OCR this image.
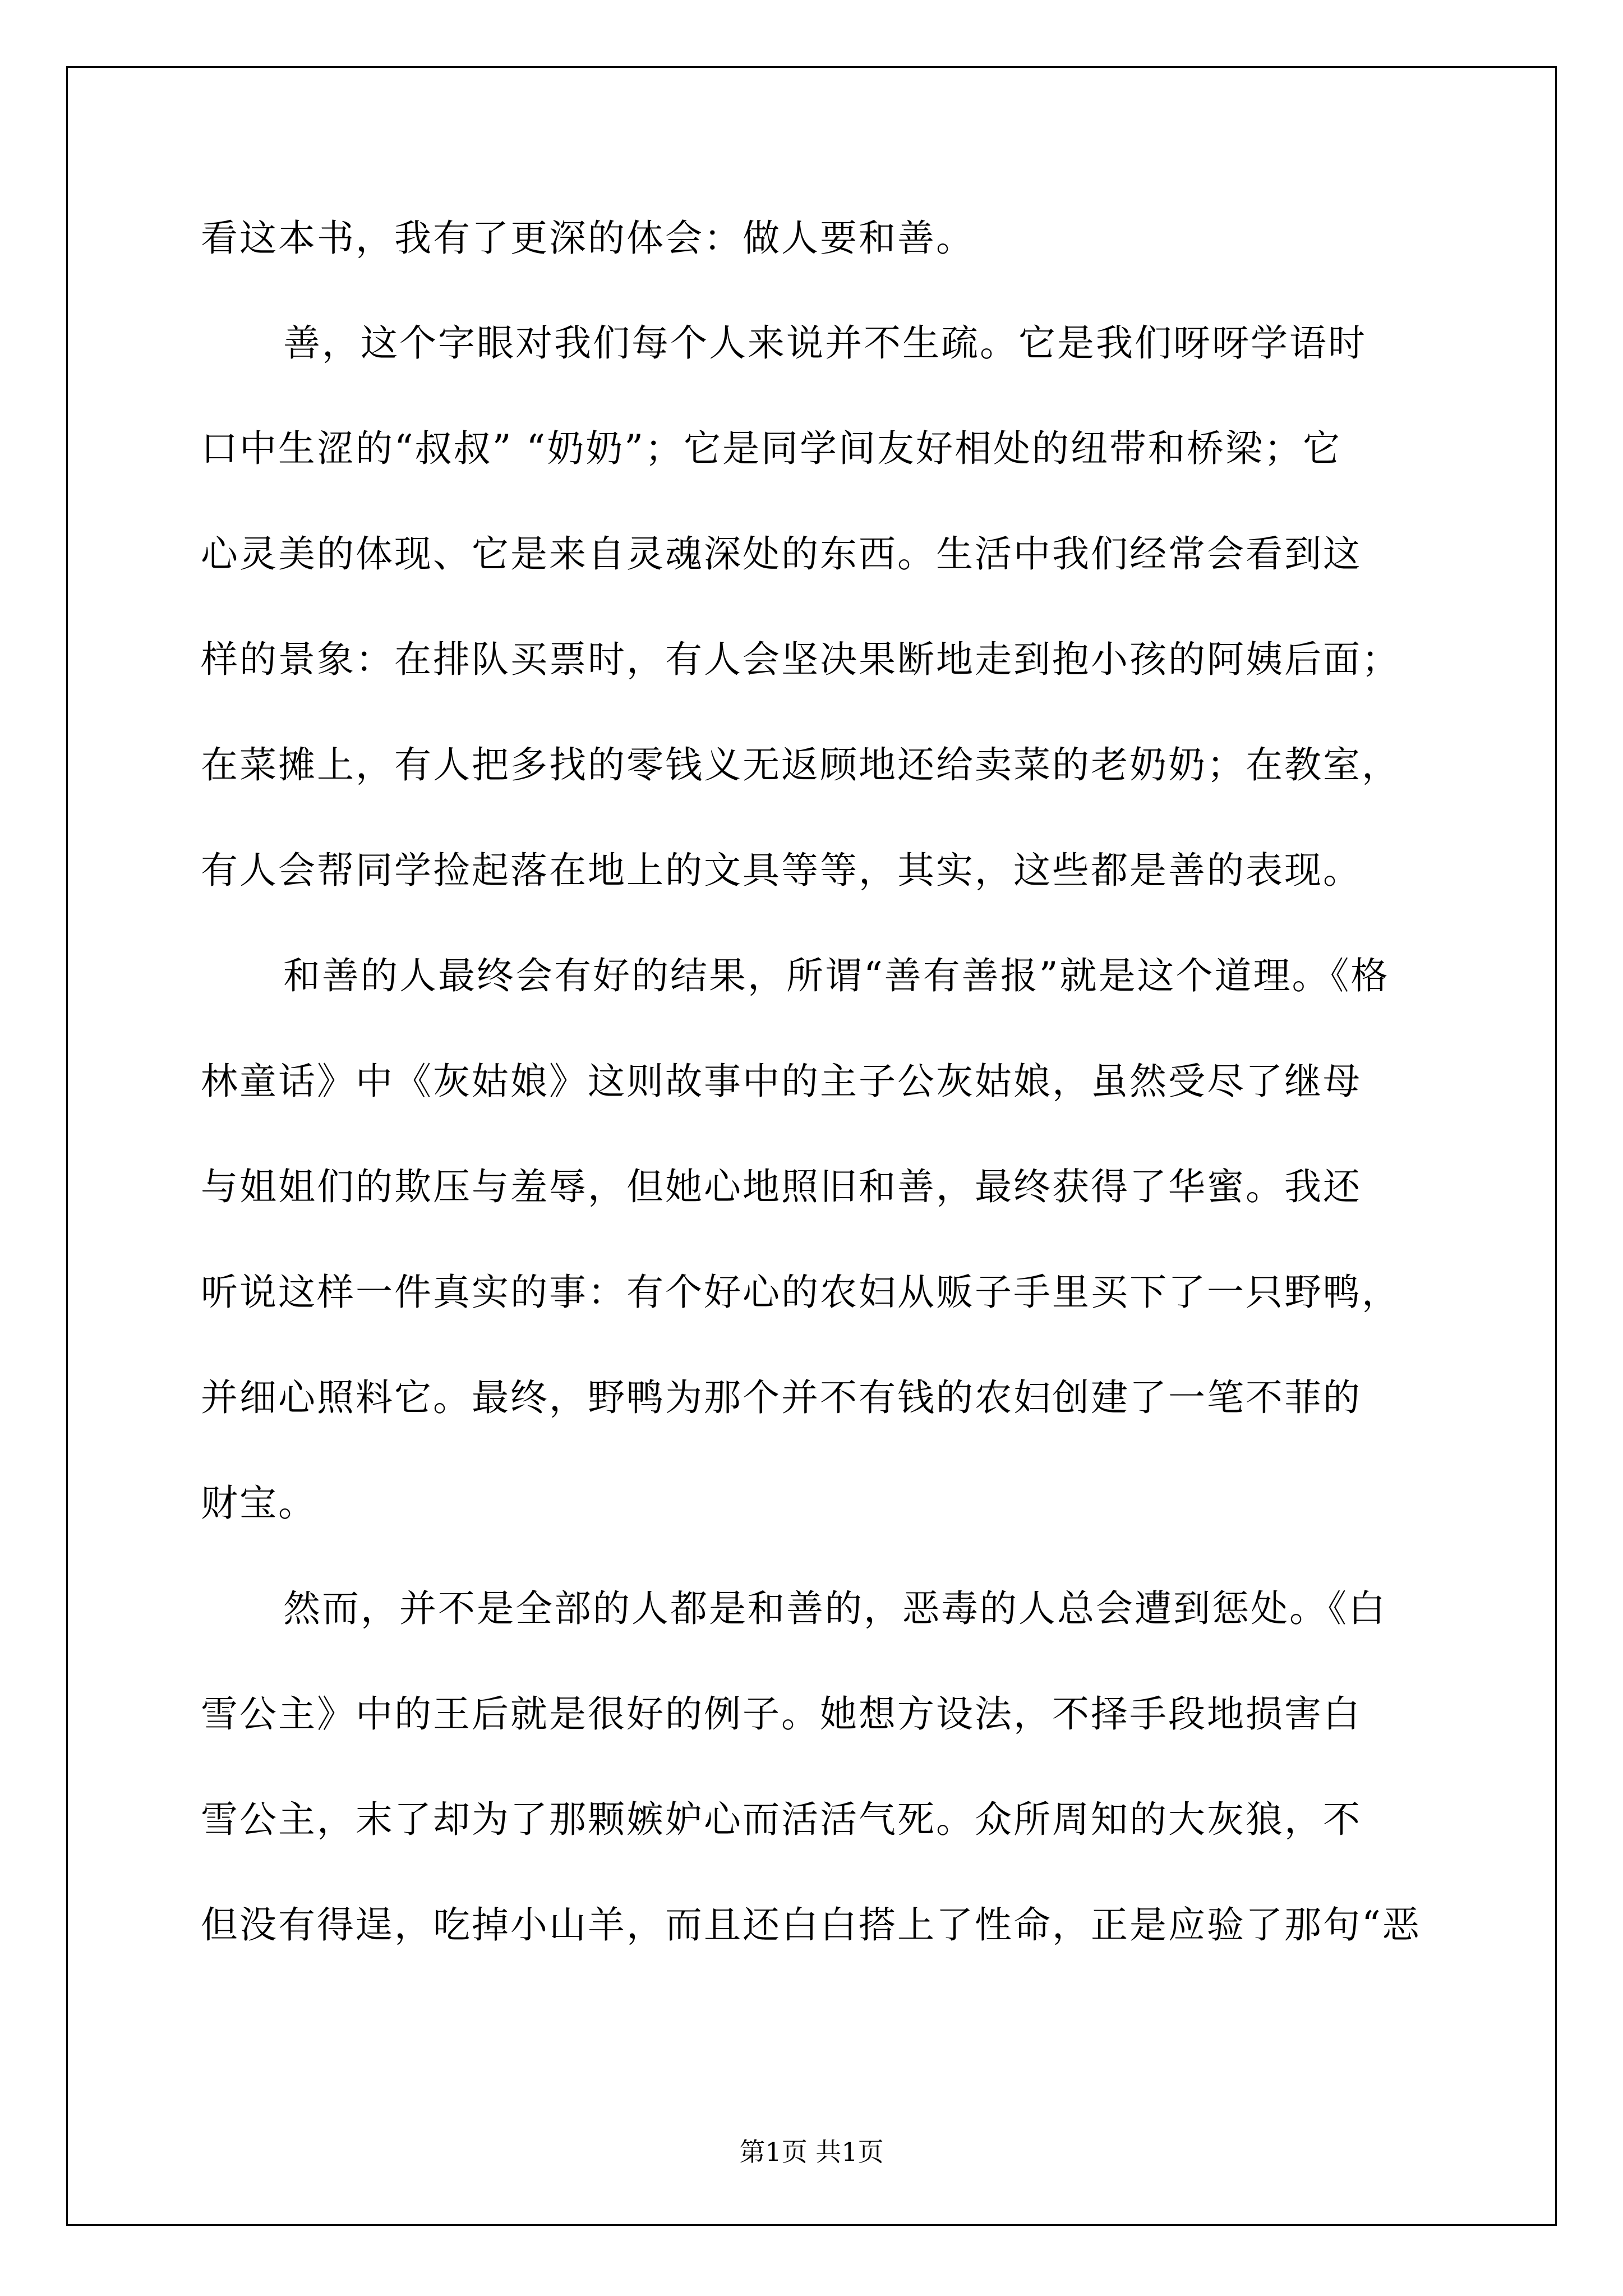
看这本书，我有了更深的体会：做人要和善。
善，这个字眼对我们每个人来说并不生疏。它是我们呀呀学语时
口中生涩的“叔叔” “奶奶”；它是同学间友好相处的纽带和桥梁；它
心灵美的体现、它是来自灵魂深处的东西。生活中我们经常会看到这
样的景象：在排队买票时，有人会坚决果断地走到抱小孩的阿姨后面；
在菜摊上，有人把多找的零钱义无返顾地还给卖菜的老奶奶；在教室，
有人会帮同学捡起落在地上的文具等等，其实，这些都是善的表现。
和善的人最终会有好的结果，所谓“善有善报”就是这个道理。《格
林童话》中《灰姑娘》这则故事中的主子公灰姑娘，虽然受尽了继母
与姐姐们的欺压与羞辱，但她心地照旧和善，最终获得了华蜜。我还
听说这样一件真实的事：有个好心的农妇从贩子手里买下了一只野鸭，
并细心照料它。最终，野鸭为那个并不有钱的农妇创建了一笔不菲的
财宝。
然而，并不是全部的人都是和善的，恶毒的人总会遭到惩处。《白
雪公主》中的王后就是很好的例子。她想方设法，不择手段地损害白
雪公主，末了却为了那颗嫉妒心而活活气死。众所周知的大灰狼，不
但没有得逞，吃掉小山羊，而且还白白搭上了性命，正是应验了那句“恶
第1页 共1页
